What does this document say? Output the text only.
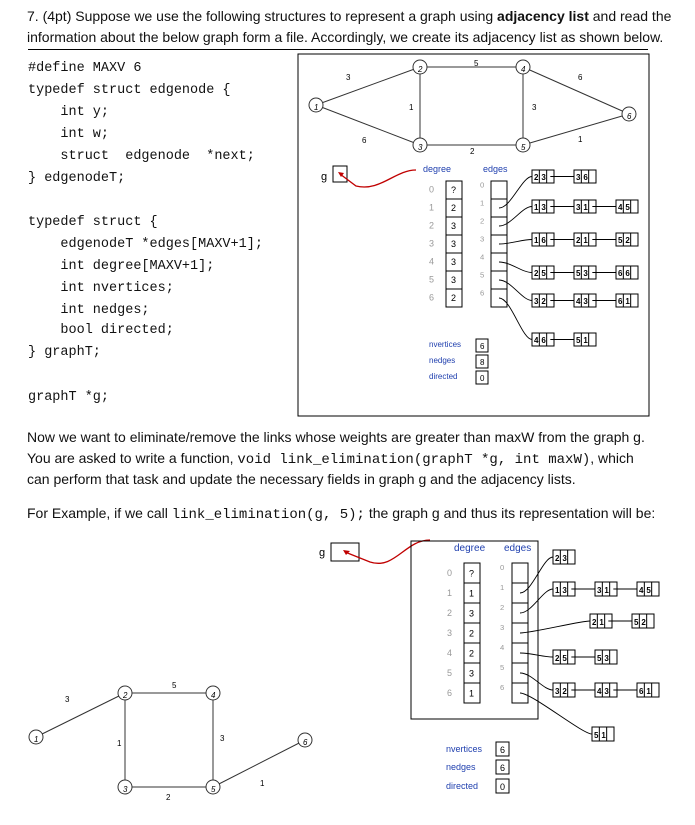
7. (4pt) Suppose we use the following structures to represent a graph using adjacency list and read the
information about the below graph form a file. Accordingly, we create its adjacency list as shown below.
#define MAXV 6
typedef struct edgenode {
int y;
int w;
struct  edgenode  *next;
} edgenodeT;
typedef struct {
edgenodeT *edges[MAXV+1];
int degree[MAXV+1];
int nvertices;
int nedges;
bool directed;
} graphT;
graphT *g;
Now we want to eliminate/remove the links whose weights are greater than maxW from the graph g.
You are asked to write a function, void link_elimination(graphT *g, int maxW), which
can perform that task and update the necessary fields in graph g and the adjacency lists.
For Example, if we call link_elimination(g, 5); the graph g and thus its representation will be:
3
5
6
6
1	3
2
1
1
2
3
4
5
6
g
degree	edges
0 ?
1 2
2 3
3 3
4 3
5 3
6 2
0
1
2
3
4
5
6
2 3	3 6
1 3	3 1	4 5
1 6	2 1	5 2
2 5	5 3	6 6
3 2	4 3	6 1
4 6	5 1
nvertices 6
nedges	8
directed	0
3
5
1
3
2
1
1
2
3
4
5
6
g	degree edges
0 ?
1 1
2 3
3 2
4 2
5 3
6 1
0
1
2
3
4
5
6
2 3
1 3	3 1	4 5
2 1	5 2
2 5	5 3
3 2	4 3	6 1
5 1
nvertices 6
nedges	6
directed 0
